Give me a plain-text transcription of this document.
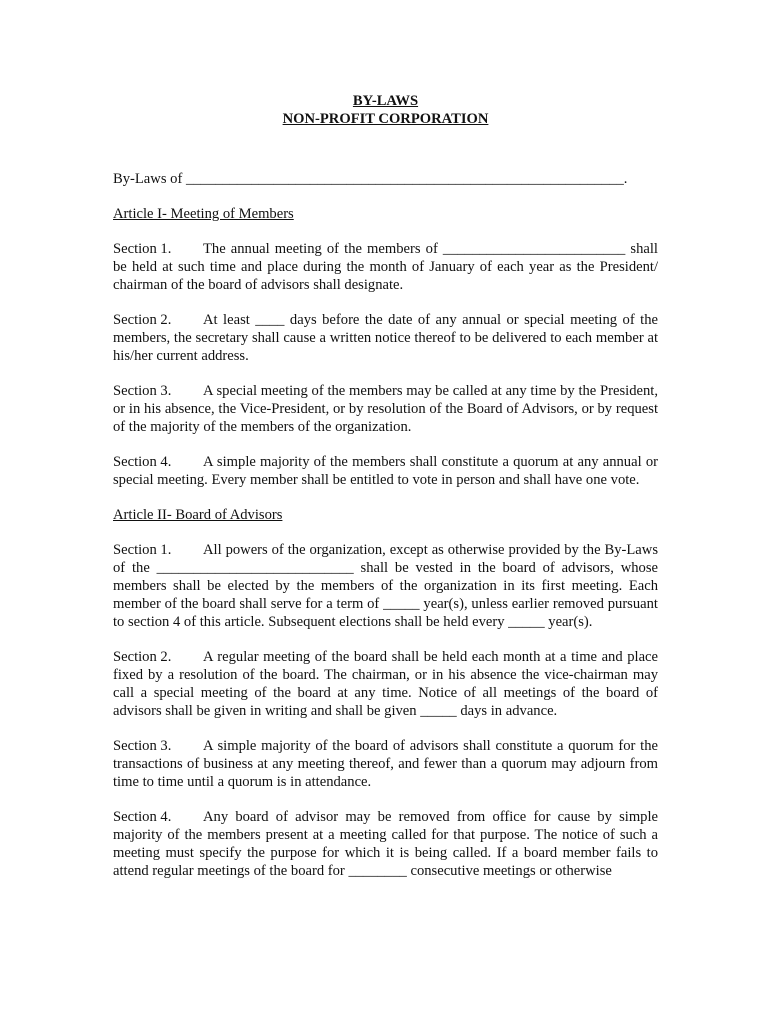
BY-LAWS

NON-PROFIT CORPORATION

By-Laws of ____________________________________________________________.

Article I- Meeting of Members

Section 1. The annual meeting of the members of _________________________ shall be held at such time and place during the month of January of each year as the President/ chairman of the board of advisors shall designate.

Section 2. At least ____ days before the date of any annual or special meeting of the members, the secretary shall cause a written notice thereof to be delivered to each member at his/her current address.

Section 3. A special meeting of the members may be called at any time by the President, or in his absence, the Vice-President, or by resolution of the Board of Advisors, or by request of the majority of the members of the organization.

Section 4. A simple majority of the members shall constitute a quorum at any annual or special meeting. Every member shall be entitled to vote in person and shall have one vote.

Article II- Board of Advisors

Section 1. All powers of the organization, except as otherwise provided by the By-Laws of the ___________________________ shall be vested in the board of advisors, whose members shall be elected by the members of the organization in its first meeting. Each member of the board shall serve for a term of _____ year(s), unless earlier removed pursuant to section 4 of this article. Subsequent elections shall be held every _____ year(s).

Section 2. A regular meeting of the board shall be held each month at a time and place fixed by a resolution of the board. The chairman, or in his absence the vice-chairman may call a special meeting of the board at any time. Notice of all meetings of the board of advisors shall be given in writing and shall be given _____ days in advance.

Section 3. A simple majority of the board of advisors shall constitute a quorum for the transactions of business at any meeting thereof, and fewer than a quorum may adjourn from time to time until a quorum is in attendance.

Section 4. Any board of advisor may be removed from office for cause by simple majority of the members present at a meeting called for that purpose. The notice of such a meeting must specify the purpose for which it is being called. If a board member fails to attend regular meetings of the board for ________ consecutive meetings or otherwise
